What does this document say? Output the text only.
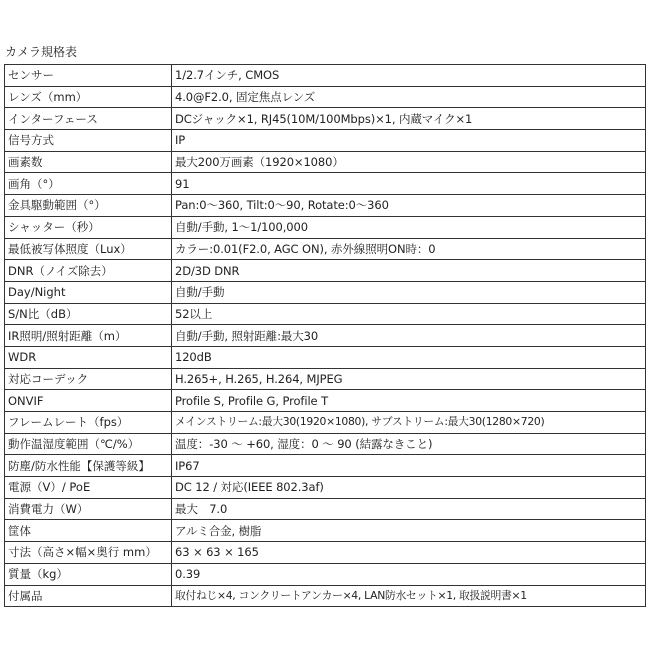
カメラ規格表
センサー	1/2.7インチ, CMOS
レンズ（mm）	4.0@F2.0, 固定焦点レンズ
インターフェース	DCジャック×1, RJ45(10M/100Mbps)×1, 内蔵マイク×1
信号方式	IP
画素数	最大200万画素（1920×1080）
画角（°）	91
金具駆動範囲（°）	Pan:0～360, Tilt:0～90, Rotate:0～360
シャッター（秒）	自動/手動, 1～1/100,000
最低被写体照度（Lux）	カラー:0.01(F2.0, AGC ON), 赤外線照明ON時：0
DNR（ノイズ除去）	2D/3D DNR
Day/Night	自動/手動
S/N比（dB）	52以上
IR照明/照射距離（m）	自動/手動, 照射距離:最大30
WDR	120dB
対応コーデック	H.265+, H.265, H.264, MJPEG
ONVIF	Profile S, Profile G, Profile T
フレームレート（fps）	メインストリーム:最大30(1920×1080), サブストリーム:最大30(1280×720)
動作温湿度範囲（℃/%）	温度：-30 ～ +60, 湿度：0 ～ 90 (結露なきこと)
防塵/防水性能【保護等級】	IP67
電源（V）/ PoE	DC 12 / 対応(IEEE 802.3af)
消費電力（W）	最大　7.0
筐体	アルミ合金, 樹脂
寸法（高さ×幅×奥行 mm）	63 × 63 × 165
質量（kg）	0.39
付属品	取付ねじ×4, コンクリートアンカー×4, LAN防水セット×1, 取扱説明書×1
